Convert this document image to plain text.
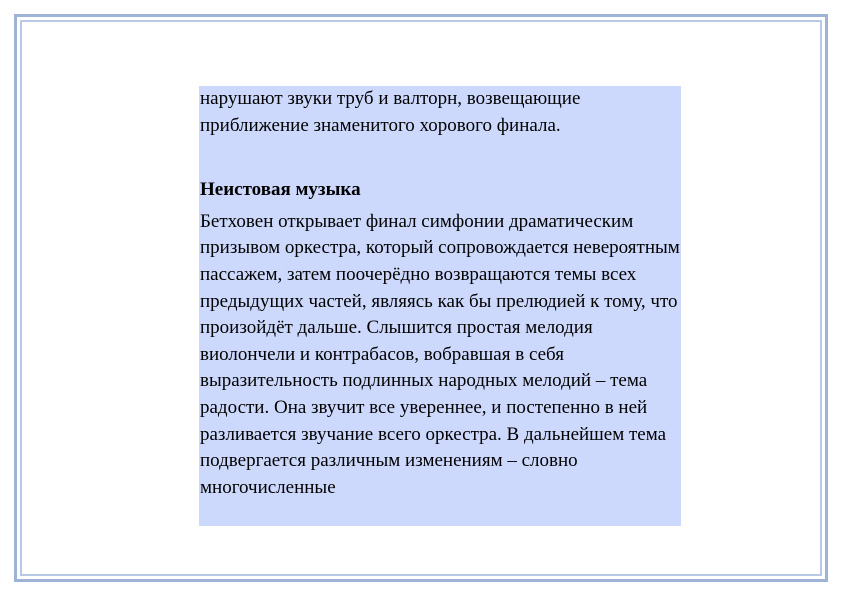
нарушают звуки труб и валторн, возвещающие приближение знаменитого хорового финала.

Неистовая музыка

Бетховен открывает финал симфонии драматическим призывом оркестра, который сопровождается невероятным пассажем, затем поочерёдно возвращаются темы всех предыдущих частей, являясь как бы прелюдией к тому, что произойдёт дальше. Слышится простая мелодия виолончели и контрабасов, вобравшая в себя выразительность подлинных народных мелодий – тема радости. Она звучит все увереннее, и постепенно в ней разливается звучание всего оркестра. В дальнейшем тема подвергается различным изменениям – словно многочисленные
